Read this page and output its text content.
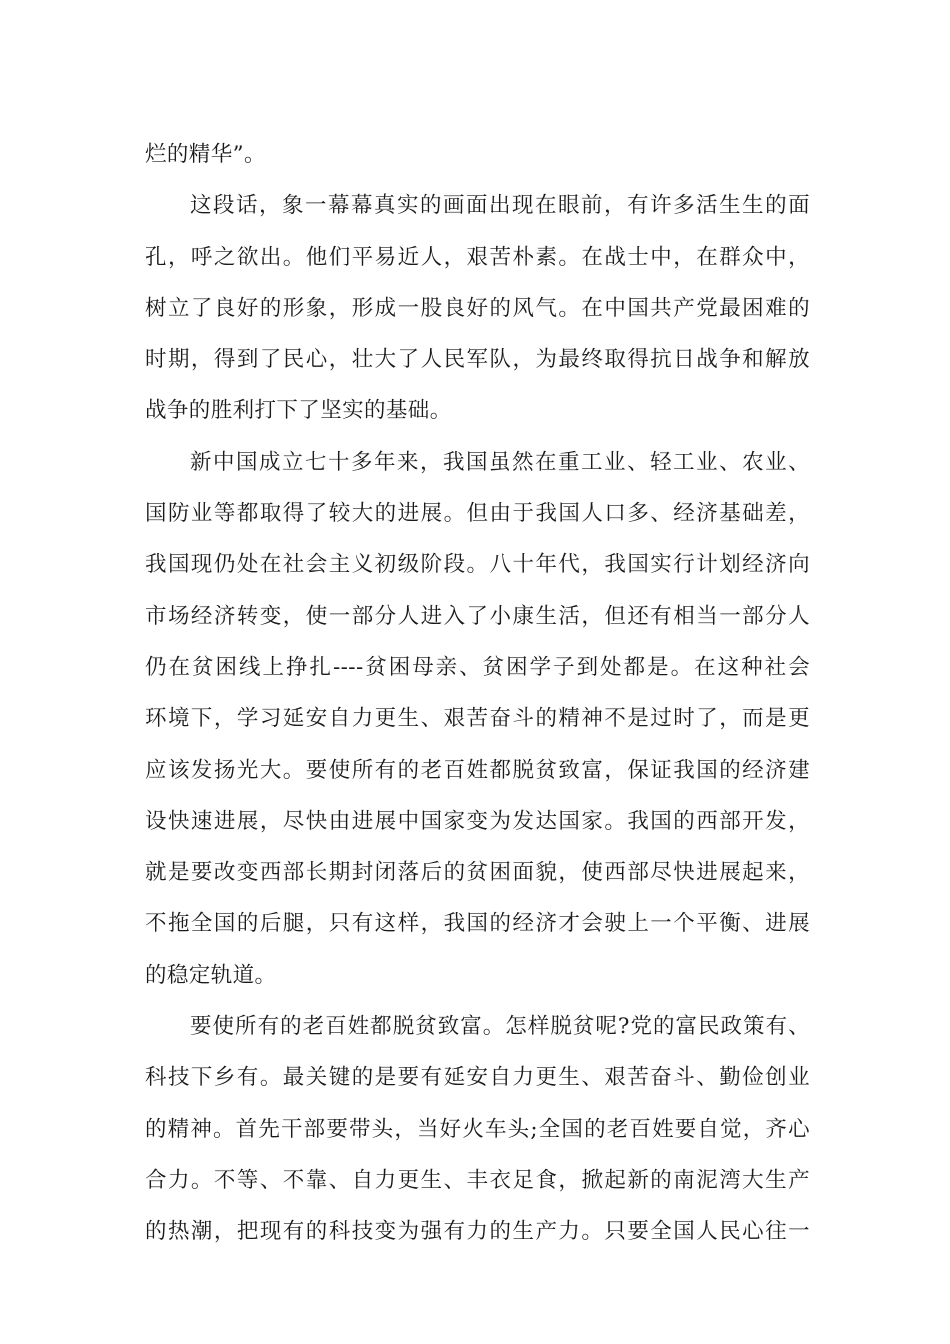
烂的精华”。
这段话，象一幕幕真实的画面出现在眼前，有许多活生生的面
孔，呼之欲出。他们平易近人，艰苦朴素。在战士中，在群众中，
树立了良好的形象，形成一股良好的风气。在中国共产党最困难的
时期，得到了民心，壮大了人民军队，为最终取得抗日战争和解放
战争的胜利打下了坚实的基础。
新中国成立七十多年来，我国虽然在重工业、轻工业、农业、
国防业等都取得了较大的进展。但由于我国人口多、经济基础差，
我国现仍处在社会主义初级阶段。八十年代，我国实行计划经济向
市场经济转变，使一部分人进入了小康生活，但还有相当一部分人
仍在贫困线上挣扎----贫困母亲、贫困学子到处都是。在这种社会
环境下，学习延安自力更生、艰苦奋斗的精神不是过时了，而是更
应该发扬光大。要使所有的老百姓都脱贫致富，保证我国的经济建
设快速进展，尽快由进展中国家变为发达国家。我国的西部开发，
就是要改变西部长期封闭落后的贫困面貌，使西部尽快进展起来，
不拖全国的后腿，只有这样，我国的经济才会驶上一个平衡、进展
的稳定轨道。
要使所有的老百姓都脱贫致富。怎样脱贫呢?党的富民政策有、
科技下乡有。最关键的是要有延安自力更生、艰苦奋斗、勤俭创业
的精神。首先干部要带头，当好火车头;全国的老百姓要自觉，齐心
合力。不等、不靠、自力更生、丰衣足食，掀起新的南泥湾大生产
的热潮，把现有的科技变为强有力的生产力。只要全国人民心往一
